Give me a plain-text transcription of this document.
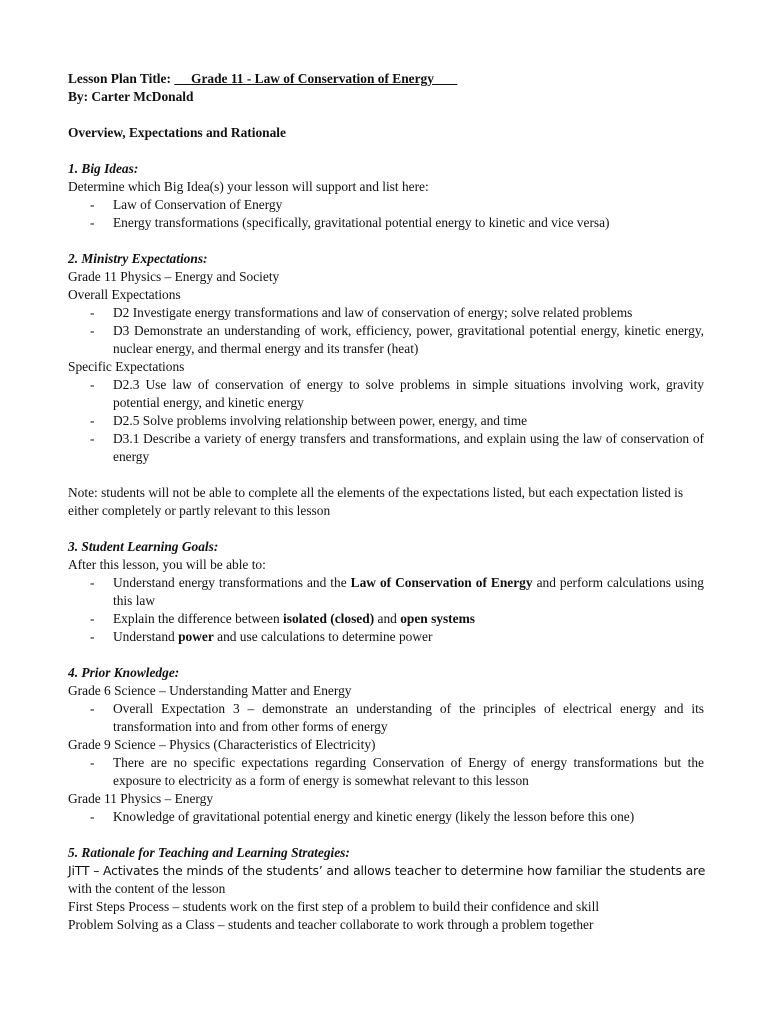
Lesson Plan Title: Grade 11 - Law of Conservation of Energy
By: Carter McDonald
Overview, Expectations and Rationale
1. Big Ideas:
Determine which Big Idea(s) your lesson will support and list here:
- Law of Conservation of Energy
- Energy transformations (specifically, gravitational potential energy to kinetic and vice versa)
2. Ministry Expectations:
Grade 11 Physics – Energy and Society
Overall Expectations
- D2 Investigate energy transformations and law of conservation of energy; solve related problems
- D3 Demonstrate an understanding of work, efficiency, power, gravitational potential energy, kinetic energy, nuclear energy, and thermal energy and its transfer (heat)
Specific Expectations
- D2.3 Use law of conservation of energy to solve problems in simple situations involving work, gravity potential energy, and kinetic energy
- D2.5 Solve problems involving relationship between power, energy, and time
- D3.1 Describe a variety of energy transfers and transformations, and explain using the law of conservation of energy
Note: students will not be able to complete all the elements of the expectations listed, but each expectation listed is either completely or partly relevant to this lesson
3. Student Learning Goals:
After this lesson, you will be able to:
- Understand energy transformations and the Law of Conservation of Energy and perform calculations using this law
- Explain the difference between isolated (closed) and open systems
- Understand power and use calculations to determine power
4. Prior Knowledge:
Grade 6 Science – Understanding Matter and Energy
- Overall Expectation 3 – demonstrate an understanding of the principles of electrical energy and its transformation into and from other forms of energy
Grade 9 Science – Physics (Characteristics of Electricity)
- There are no specific expectations regarding Conservation of Energy of energy transformations but the exposure to electricity as a form of energy is somewhat relevant to this lesson
Grade 11 Physics – Energy
- Knowledge of gravitational potential energy and kinetic energy (likely the lesson before this one)
5. Rationale for Teaching and Learning Strategies:
JiTT – Activates the minds of the students’ and allows teacher to determine how familiar the students are
with the content of the lesson
First Steps Process – students work on the first step of a problem to build their confidence and skill
Problem Solving as a Class – students and teacher collaborate to work through a problem together
